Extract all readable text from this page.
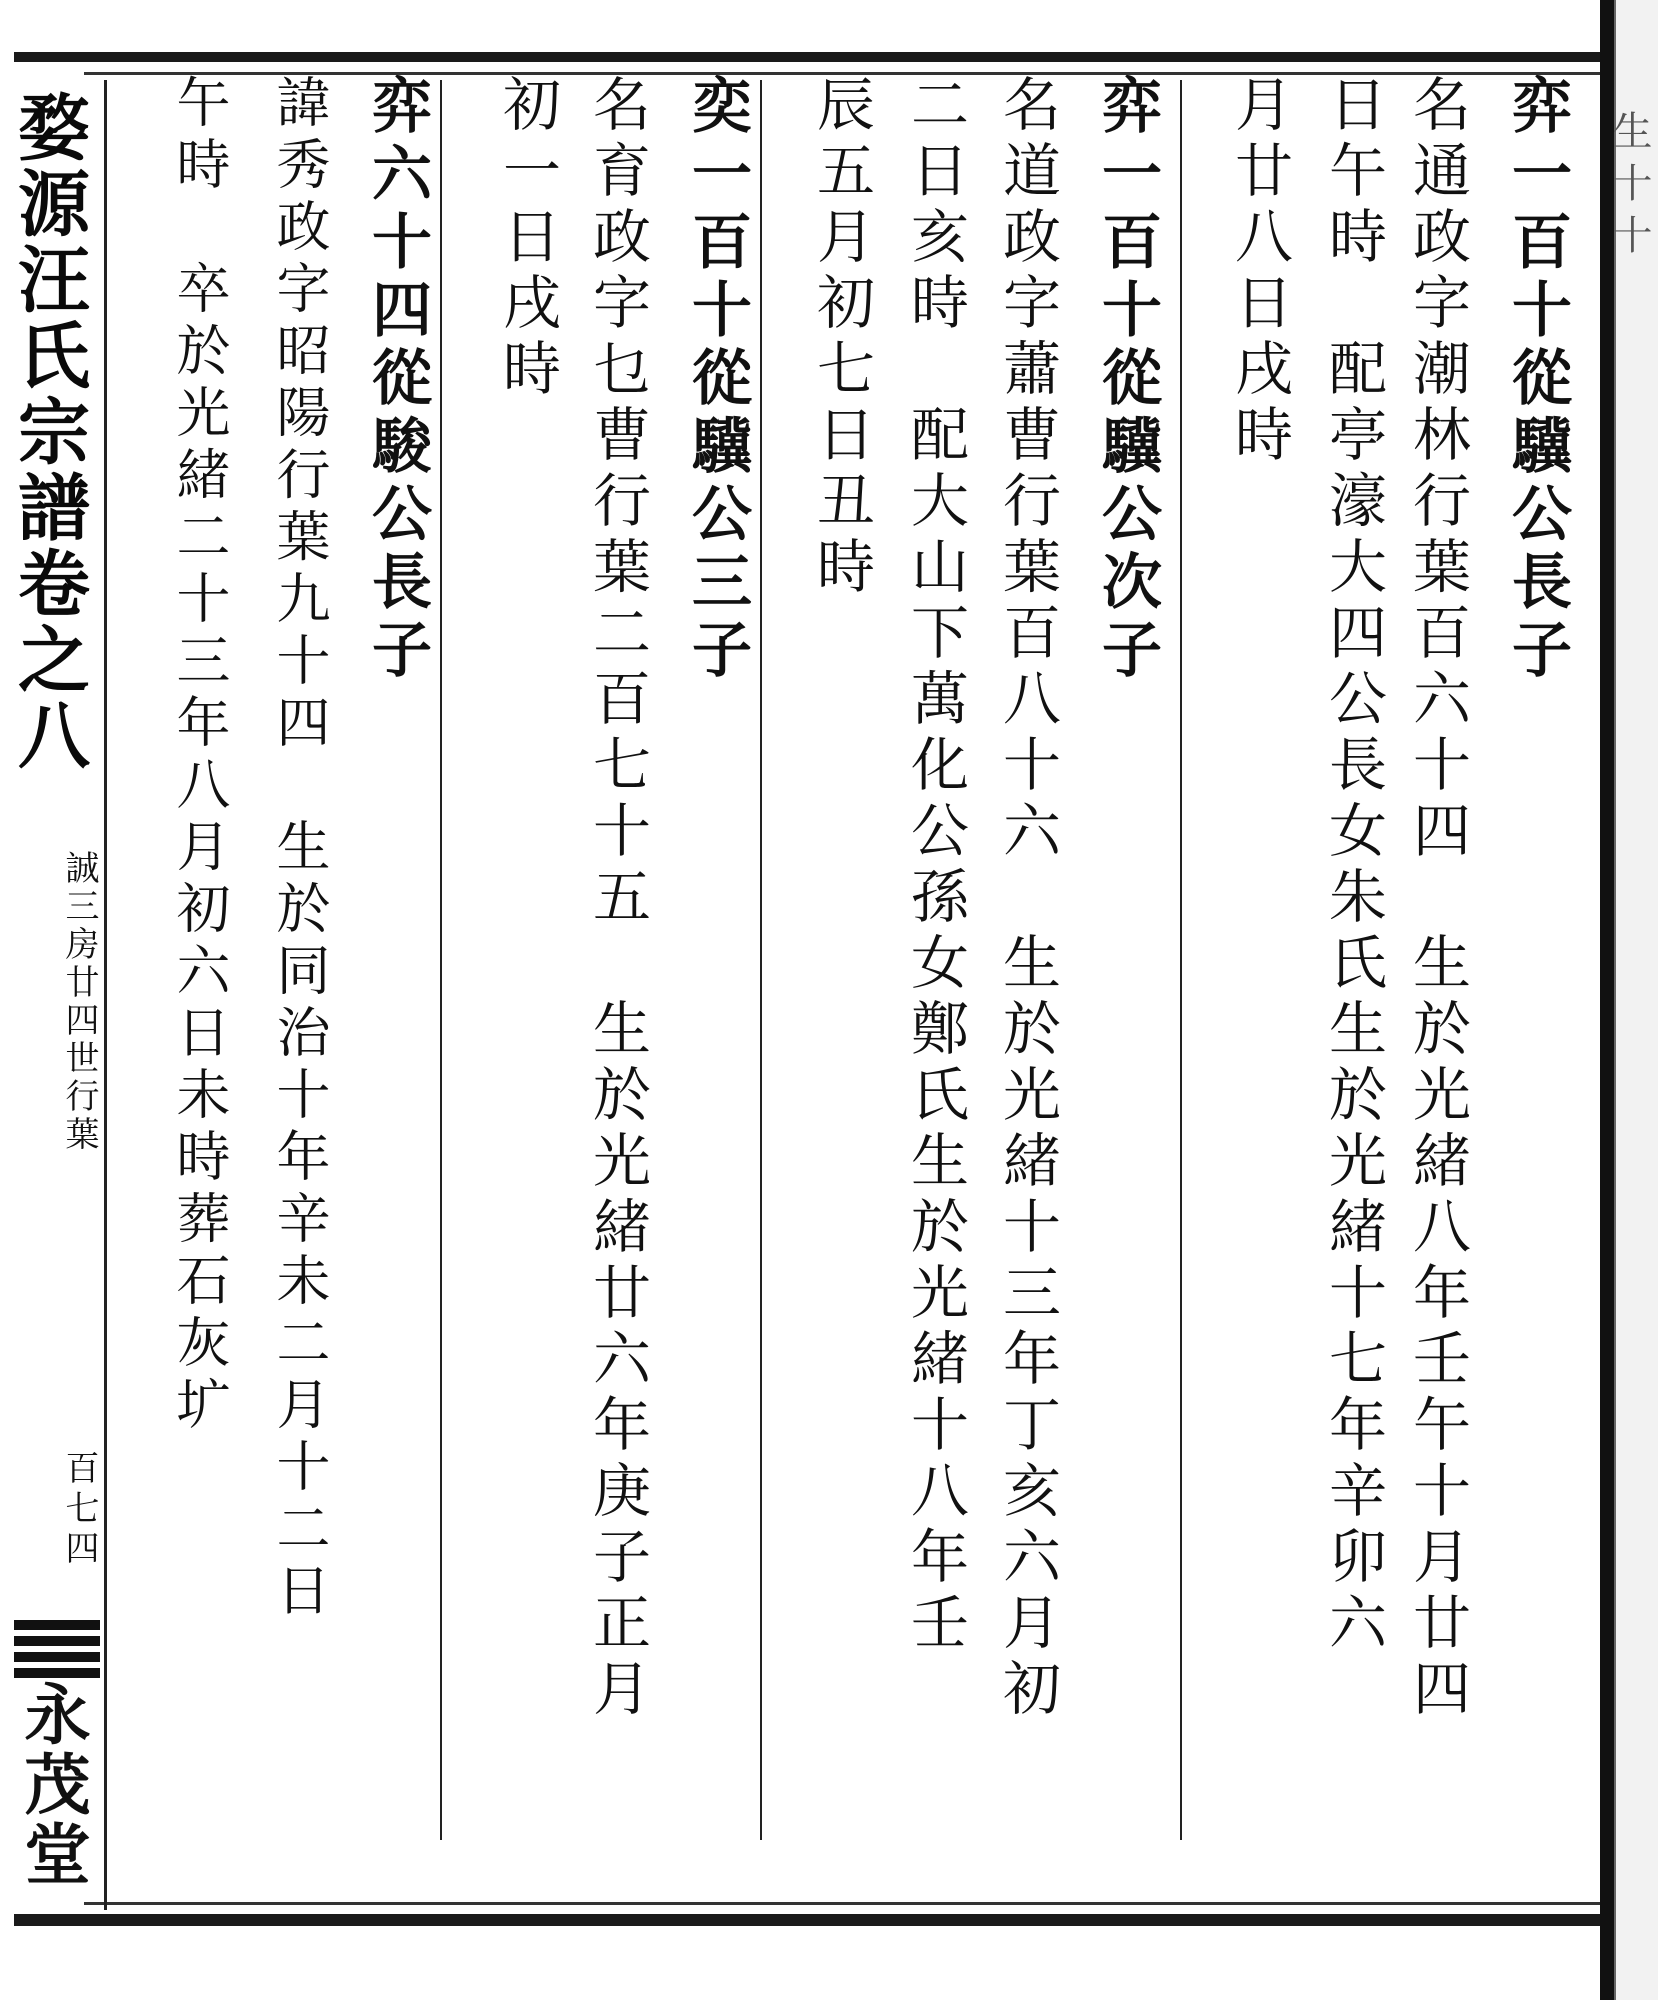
生十十
婺源汪氏宗譜卷之八
誠三房廿四世行葉
百七四
永茂堂
弈一百十從驥公長子
名通政字潮林行葉百六十四　生於光緒八年壬午十月廿四
日午時　配亭濠大四公長女朱氏生於光緒十七年辛卯六
月廿八日戌時
弈一百十從驥公次子
名道政字蕭曹行葉百八十六　生於光緒十三年丁亥六月初
二日亥時　配大山下萬化公孫女鄭氏生於光緒十八年壬
辰五月初七日丑時
奕一百十從驥公三子
名育政字乜曹行葉二百七十五　生於光緒廿六年庚子正月
初一日戌時
弈六十四從駿公長子
諱秀政字昭陽行葉九十四　生於同治十年辛未二月十二日
午時　卒於光緒二十三年八月初六日未時葬石灰圹
